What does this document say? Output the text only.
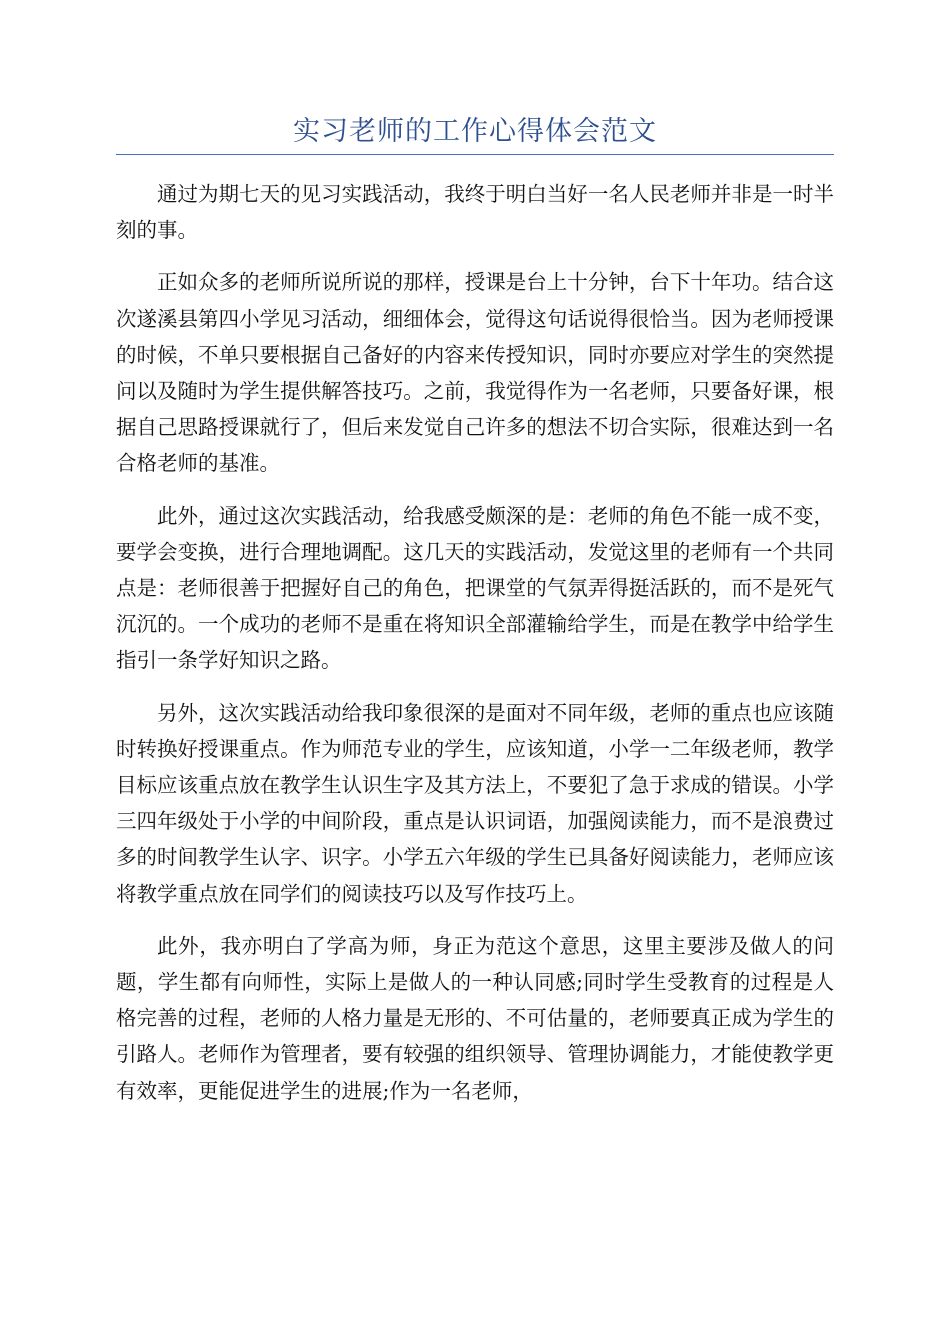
实习老师的工作心得体会范文

通过为期七天的见习实践活动，我终于明白当好一名人民老师并非是一时半刻的事。

正如众多的老师所说所说的那样，授课是台上十分钟，台下十年功。结合这次遂溪县第四小学见习活动，细细体会，觉得这句话说得很恰当。因为老师授课的时候，不单只要根据自己备好的内容来传授知识，同时亦要应对学生的突然提问以及随时为学生提供解答技巧。之前，我觉得作为一名老师，只要备好课，根据自己思路授课就行了，但后来发觉自己许多的想法不切合实际，很难达到一名合格老师的基准。

此外，通过这次实践活动，给我感受颇深的是：老师的角色不能一成不变，要学会变换，进行合理地调配。这几天的实践活动，发觉这里的老师有一个共同点是：老师很善于把握好自己的角色，把课堂的气氛弄得挺活跃的，而不是死气沉沉的。一个成功的老师不是重在将知识全部灌输给学生，而是在教学中给学生指引一条学好知识之路。

另外，这次实践活动给我印象很深的是面对不同年级，老师的重点也应该随时转换好授课重点。作为师范专业的学生，应该知道，小学一二年级老师，教学目标应该重点放在教学生认识生字及其方法上，不要犯了急于求成的错误。小学三四年级处于小学的中间阶段，重点是认识词语，加强阅读能力，而不是浪费过多的时间教学生认字、识字。小学五六年级的学生已具备好阅读能力，老师应该将教学重点放在同学们的阅读技巧以及写作技巧上。

此外，我亦明白了学高为师，身正为范这个意思，这里主要涉及做人的问题，学生都有向师性，实际上是做人的一种认同感;同时学生受教育的过程是人格完善的过程，老师的人格力量是无形的、不可估量的，老师要真正成为学生的引路人。老师作为管理者，要有较强的组织领导、管理协调能力，才能使教学更有效率，更能促进学生的进展;作为一名老师，
